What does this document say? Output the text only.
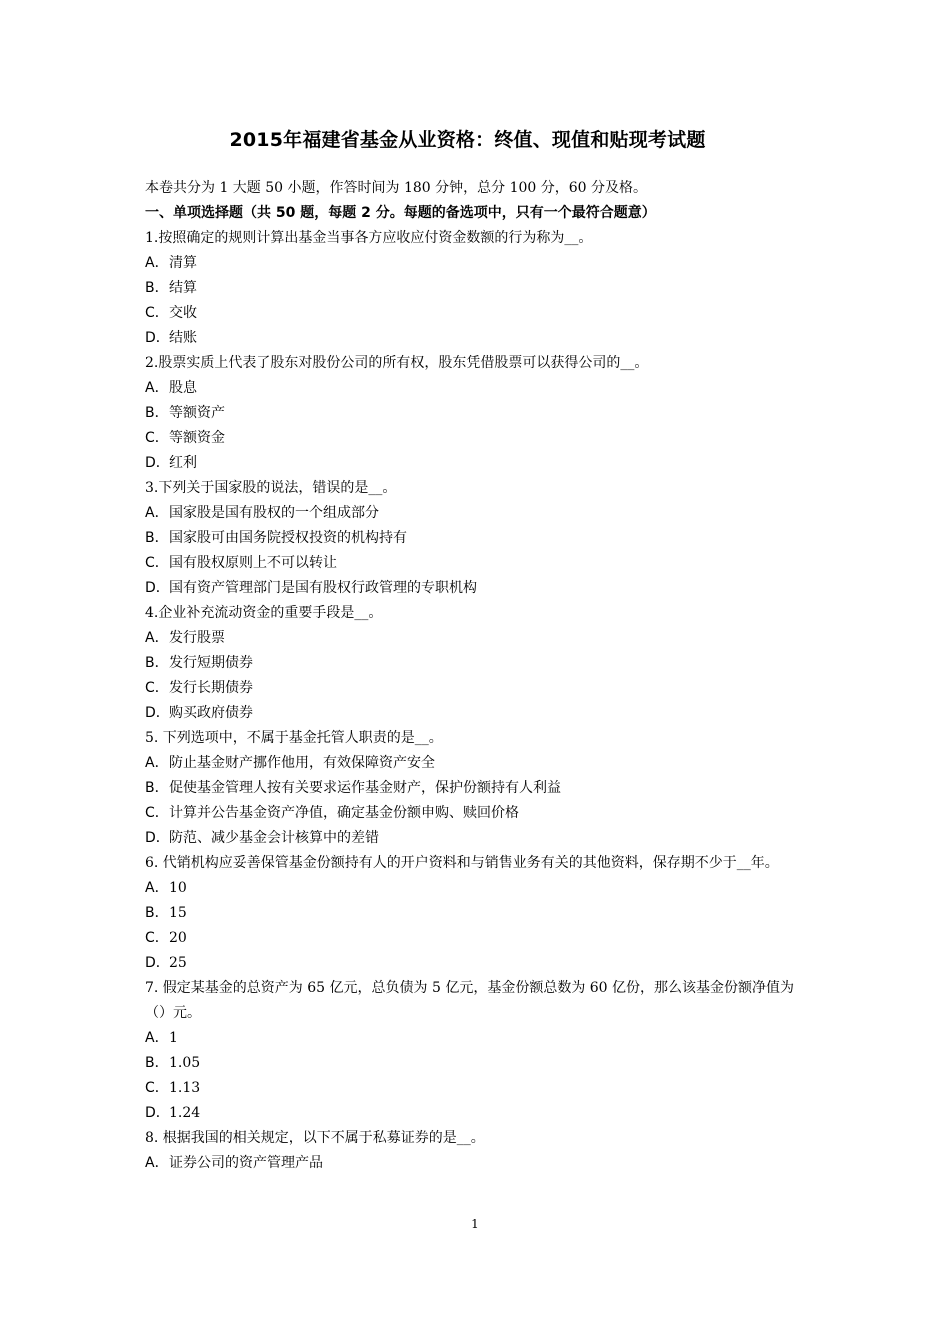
2015年福建省基金从业资格：终值、现值和贴现考试题
本卷共分为 1 大题 50 小题，作答时间为 180 分钟，总分 100 分，60 分及格。
一、单项选择题（共 50 题，每题 2 分。每题的备选项中，只有一个最符合题意）
1.按照确定的规则计算出基金当事各方应收应付资金数额的行为称为__。
A．清算
B．结算
C．交收
D．结账
2.股票实质上代表了股东对股份公司的所有权，股东凭借股票可以获得公司的__。
A．股息
B．等额资产
C．等额资金
D．红利
3.下列关于国家股的说法，错误的是__。
A．国家股是国有股权的一个组成部分
B．国家股可由国务院授权投资的机构持有
C．国有股权原则上不可以转让
D．国有资产管理部门是国有股权行政管理的专职机构
4.企业补充流动资金的重要手段是__。
A．发行股票
B．发行短期债券
C．发行长期债券
D．购买政府债券
5. 下列选项中，不属于基金托管人职责的是__。
A．防止基金财产挪作他用，有效保障资产安全
B．促使基金管理人按有关要求运作基金财产，保护份额持有人利益
C．计算并公告基金资产净值，确定基金份额申购、赎回价格
D．防范、减少基金会计核算中的差错
6. 代销机构应妥善保管基金份额持有人的开户资料和与销售业务有关的其他资料，保存期不少于__年。
A．10
B．15
C．20
D．25
7. 假定某基金的总资产为 65 亿元，总负债为 5 亿元，基金份额总数为 60 亿份，那么该基金份额净值为（）元。
A．1
B．1.05
C．1.13
D．1.24
8. 根据我国的相关规定，以下不属于私募证券的是__。
A．证券公司的资产管理产品
1
